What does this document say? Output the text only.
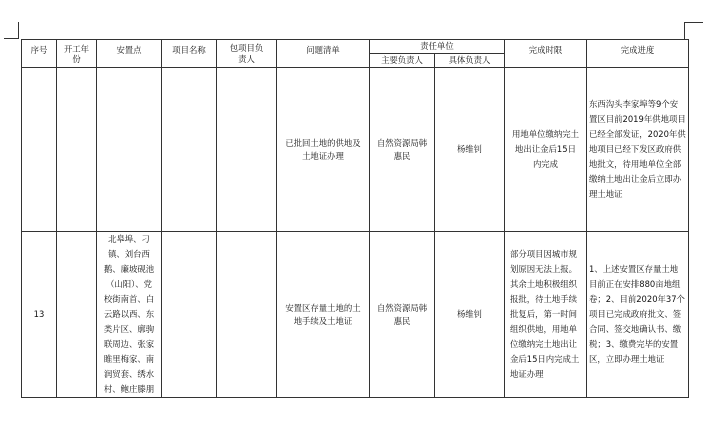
序号	开工年份	安置点	项目名称	包项目负责人	问题清单	责任单位		完成时限	完成进度
						主要负责人	具体负责人		

					已批回土地的供地及土地证办理	自然资源局韩惠民	杨维钊	用地单位缴纳完土地出让金后15日内完成	东西沟头李家埠等9个安置区目前2019年供地项目已经全部发证，2020年供地项目已经下发区政府供地批文，待用地单位全部缴纳土地出让金后立即办理土地证

13		北皋埠、刁镇、刘台西鹅、廉坡砚池（山阳）、党校街南首、白云路以西、东类片区、廓驹联周边、张家睢里梅家、南润贸套、绣水村、鲍庄滕朋			安置区存量土地的土地手续及土地证	自然资源局韩惠民	杨维钊	部分项目因城市规划原因无法上报。其余土地积极组织报批，待土地手续批复后，第一时间组织供地，用地单位缴纳完土地出让金后15日内完成土地证办理	1、上述安置区存量土地目前正在安排880亩地组卷；2、目前2020年37个项目已完成政府批文、签合同、签交地确认书、缴税；3、缴费完毕的安置区，立即办理土地证
